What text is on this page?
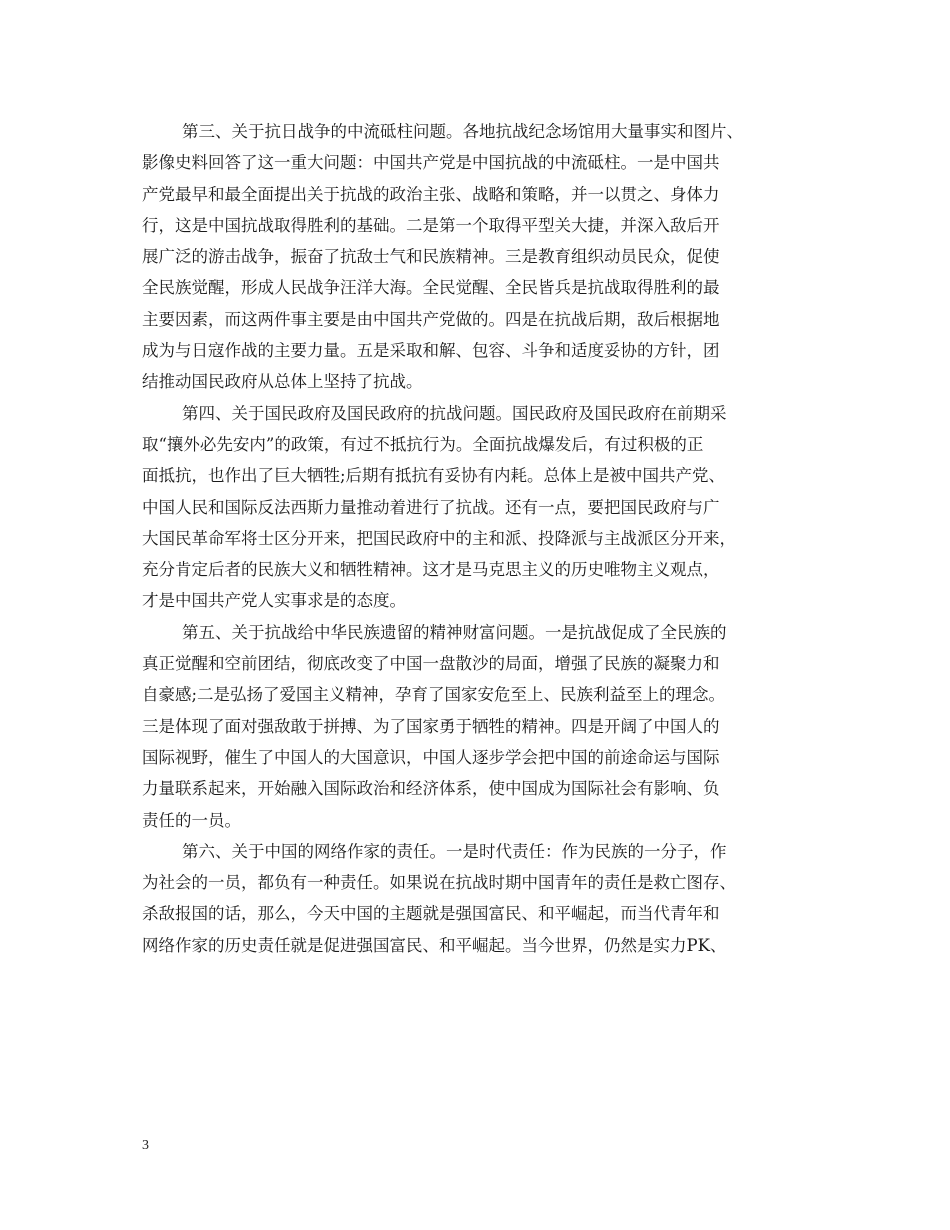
第三、关于抗日战争的中流砥柱问题。各地抗战纪念场馆用大量事实和图片、
影像史料回答了这一重大问题：中国共产党是中国抗战的中流砥柱。一是中国共
产党最早和最全面提出关于抗战的政治主张、战略和策略，并一以贯之、身体力
行，这是中国抗战取得胜利的基础。二是第一个取得平型关大捷，并深入敌后开
展广泛的游击战争，振奋了抗敌士气和民族精神。三是教育组织动员民众，促使
全民族觉醒，形成人民战争汪洋大海。全民觉醒、全民皆兵是抗战取得胜利的最
主要因素，而这两件事主要是由中国共产党做的。四是在抗战后期，敌后根据地
成为与日寇作战的主要力量。五是采取和解、包容、斗争和适度妥协的方针，团
结推动国民政府从总体上坚持了抗战。
第四、关于国民政府及国民政府的抗战问题。国民政府及国民政府在前期采
取“攘外必先安内”的政策，有过不抵抗行为。全面抗战爆发后，有过积极的正
面抵抗，也作出了巨大牺牲;后期有抵抗有妥协有内耗。总体上是被中国共产党、
中国人民和国际反法西斯力量推动着进行了抗战。还有一点，要把国民政府与广
大国民革命军将士区分开来，把国民政府中的主和派、投降派与主战派区分开来，
充分肯定后者的民族大义和牺牲精神。这才是马克思主义的历史唯物主义观点，
才是中国共产党人实事求是的态度。
第五、关于抗战给中华民族遗留的精神财富问题。一是抗战促成了全民族的
真正觉醒和空前团结，彻底改变了中国一盘散沙的局面，增强了民族的凝聚力和
自豪感;二是弘扬了爱国主义精神，孕育了国家安危至上、民族利益至上的理念。
三是体现了面对强敌敢于拼搏、为了国家勇于牺牲的精神。四是开阔了中国人的
国际视野，催生了中国人的大国意识，中国人逐步学会把中国的前途命运与国际
力量联系起来，开始融入国际政治和经济体系，使中国成为国际社会有影响、负
责任的一员。
第六、关于中国的网络作家的责任。一是时代责任：作为民族的一分子，作
为社会的一员，都负有一种责任。如果说在抗战时期中国青年的责任是救亡图存、
杀敌报国的话，那么，今天中国的主题就是强国富民、和平崛起，而当代青年和
网络作家的历史责任就是促进强国富民、和平崛起。当今世界，仍然是实力PK、
3
